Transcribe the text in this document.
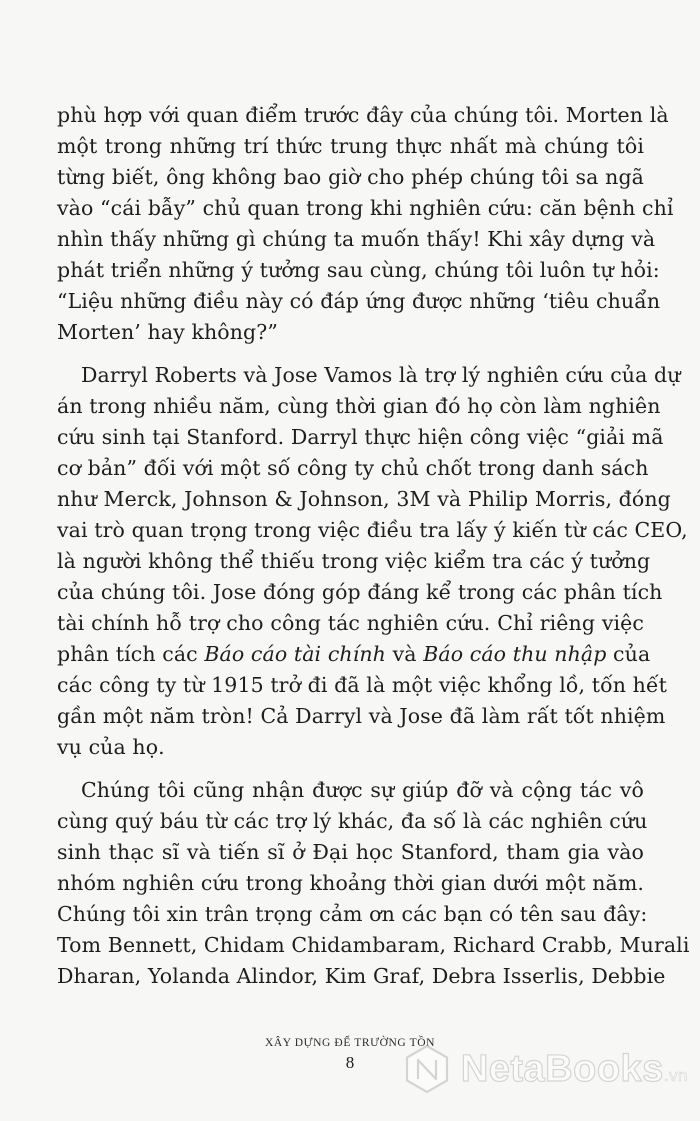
phù hợp với quan điểm trước đây của chúng tôi. Morten là
một trong những trí thức trung thực nhất mà chúng tôi
từng biết, ông không bao giờ cho phép chúng tôi sa ngã
vào “cái bẫy” chủ quan trong khi nghiên cứu: căn bệnh chỉ
nhìn thấy những gì chúng ta muốn thấy! Khi xây dựng và
phát triển những ý tưởng sau cùng, chúng tôi luôn tự hỏi:
“Liệu những điều này có đáp ứng được những ‘tiêu chuẩn
Morten’ hay không?”
Darryl Roberts và Jose Vamos là trợ lý nghiên cứu của dự
án trong nhiều năm, cùng thời gian đó họ còn làm nghiên
cứu sinh tại Stanford. Darryl thực hiện công việc “giải mã
cơ bản” đối với một số công ty chủ chốt trong danh sách
như Merck, Johnson & Johnson, 3M và Philip Morris, đóng
vai trò quan trọng trong việc điều tra lấy ý kiến từ các CEO,
là người không thể thiếu trong việc kiểm tra các ý tưởng
của chúng tôi. Jose đóng góp đáng kể trong các phân tích
tài chính hỗ trợ cho công tác nghiên cứu. Chỉ riêng việc
phân tích các Báo cáo tài chính và Báo cáo thu nhập của
các công ty từ 1915 trở đi đã là một việc khổng lồ, tốn hết
gần một năm tròn! Cả Darryl và Jose đã làm rất tốt nhiệm
vụ của họ.
Chúng tôi cũng nhận được sự giúp đỡ và cộng tác vô
cùng quý báu từ các trợ lý khác, đa số là các nghiên cứu
sinh thạc sĩ và tiến sĩ ở Đại học Stanford, tham gia vào
nhóm nghiên cứu trong khoảng thời gian dưới một năm.
Chúng tôi xin trân trọng cảm ơn các bạn có tên sau đây:
Tom Bennett, Chidam Chidambaram, Richard Crabb, Murali
Dharan, Yolanda Alindor, Kim Graf, Debra Isserlis, Debbie
XÂY DỰNG ĐỂ TRƯỜNG TỒN
8	NetaBooks.vn
